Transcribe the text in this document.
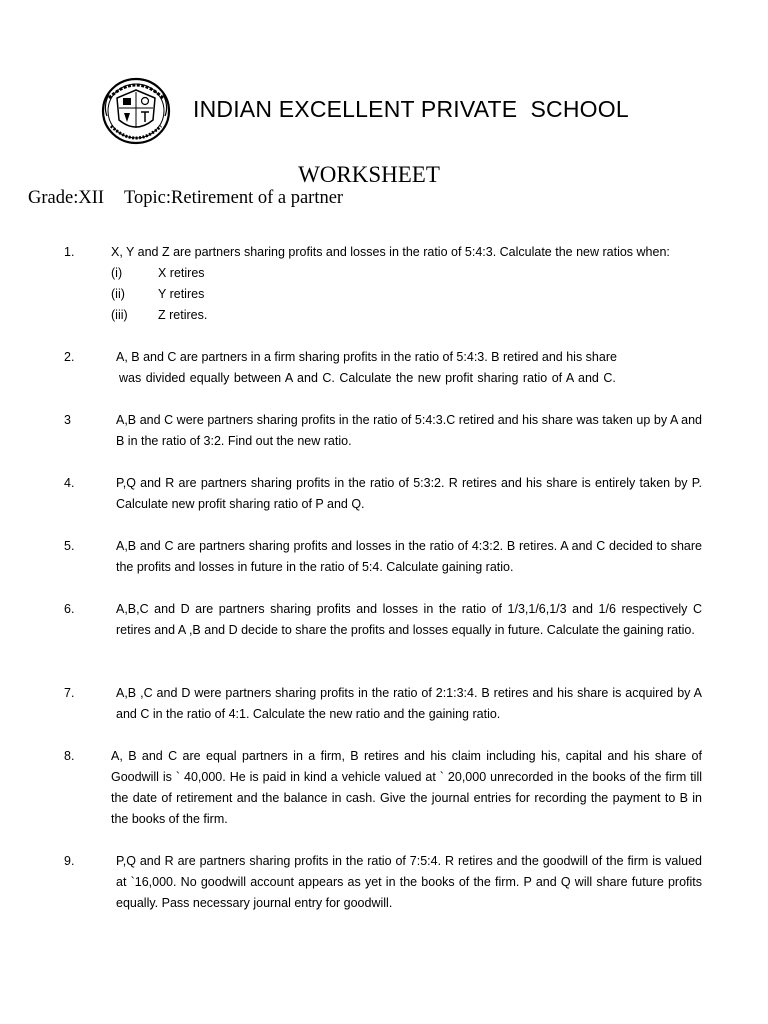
INDIAN EXCELLENT PRIVATE  SCHOOL
WORKSHEET
Grade:XII Topic:Retirement of a partner
1.	X, Y and Z are partners sharing profits and losses in the ratio of 5:4:3. Calculate the new ratios when:
(i)	X retires
(ii)	Y retires
(iii) Z retires.
2.	A, B and C are partners in a firm sharing profits in the ratio of 5:4:3. B retired and his share
was divided equally between A and C. Calculate the new profit sharing ratio of A and C.
3	A,B and C were partners sharing profits in the ratio of 5:4:3.C retired and his share was taken up by A and B in the ratio of 3:2. Find out the new ratio.
4.	P,Q and R are partners sharing profits in the ratio of 5:3:2. R retires and his share is entirely taken by P. Calculate new profit sharing ratio of P and Q.
5.	A,B and C are partners sharing profits and losses in the ratio of 4:3:2. B retires. A and C decided to share the profits and losses in future in the ratio of 5:4. Calculate gaining ratio.
6.	A,B,C and D are partners sharing profits and losses in the ratio of 1/3,1/6,1/3 and 1/6 respectively C retires and A ,B and D decide to share the profits and losses equally in future. Calculate the gaining ratio.
7.	A,B ,C and D were partners sharing profits in the ratio of 2:1:3:4. B retires and his share is acquired by A and C in the ratio of 4:1. Calculate the new ratio and the gaining ratio.
8.	A, B and C are equal partners in a firm, B retires and his claim including his, capital and his share of Goodwill is ` 40,000. He is paid in kind a vehicle valued at ` 20,000 unrecorded in the books of the firm till the date of retirement and the balance in cash. Give the journal entries for recording the payment to B in the books of the firm.
9.	P,Q and R are partners sharing profits in the ratio of 7:5:4. R retires and the goodwill of the firm is valued at `16,000. No goodwill account appears as yet in the books of the firm. P and Q will share future profits equally. Pass necessary journal entry for goodwill.
